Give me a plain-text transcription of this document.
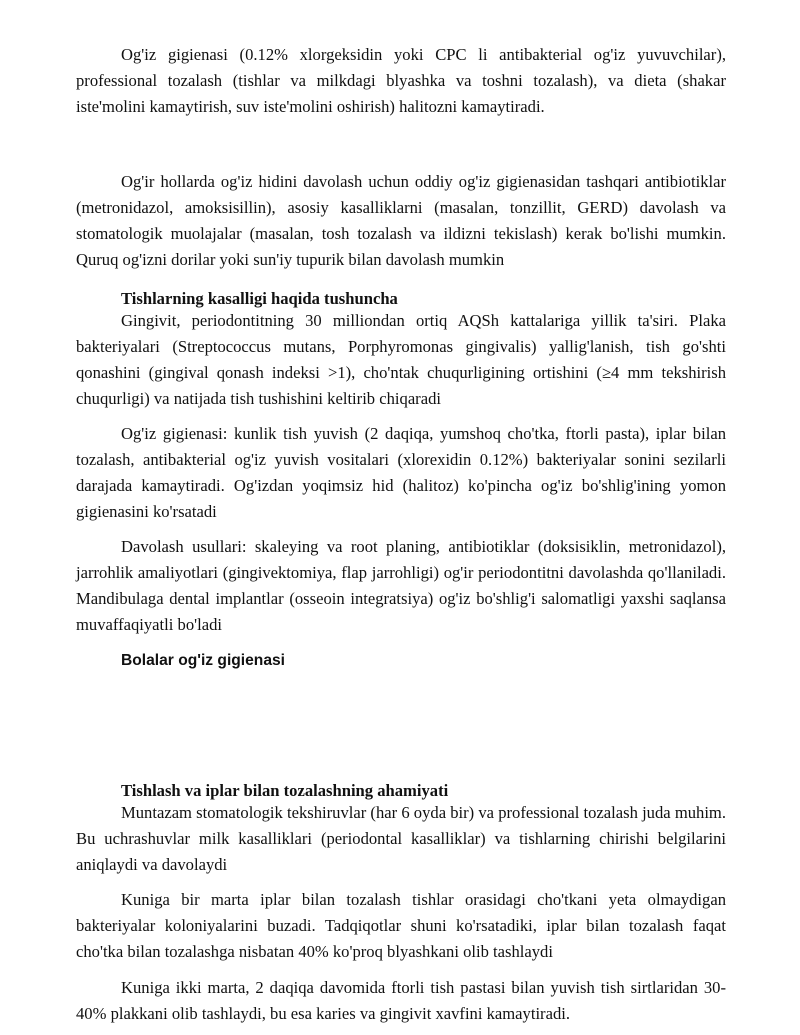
Og'iz gigienasi (0.12% xlorgeksidin yoki CPC li antibakterial og'iz yuvuvchilar), professional tozalash (tishlar va milkdagi blyashka va toshni tozalash), va dieta (shakar iste'molini kamaytirish, suv iste'molini oshirish) halitozni kamaytiradi.

Og'ir hollarda og'iz hidini davolash uchun oddiy og'iz gigienasidan tashqari antibiotiklar (metronidazol, amoksisillin), asosiy kasalliklarni (masalan, tonzillit, GERD) davolash va stomatologik muolajalar (masalan, tosh tozalash va ildizni tekislash) kerak bo'lishi mumkin. Quruq og'izni dorilar yoki sun'iy tupurik bilan davolash mumkin

Tishlarning kasalligi haqida tushuncha

Gingivit, periodontitning 30 milliondan ortiq AQSh kattalariga yillik ta'siri. Plaka bakteriyalari (Streptococcus mutans, Porphyromonas gingivalis) yallig'lanish, tish go'shti qonashini (gingival qonash indeksi >1), cho'ntak chuqurligining ortishini (≥4 mm tekshirish chuqurligi) va natijada tish tushishini keltirib chiqaradi

Og'iz gigienasi: kunlik tish yuvish (2 daqiqa, yumshoq cho'tka, ftorli pasta), iplar bilan tozalash, antibakterial og'iz yuvish vositalari (xlorexidin 0.12%) bakteriyalar sonini sezilarli darajada kamaytiradi. Og'izdan yoqimsiz hid (halitoz) ko'pincha og'iz bo'shlig'ining yomon gigienasini ko'rsatadi

Davolash usullari: skaleying va root planing, antibiotiklar (doksisiklin, metronidazol), jarrohlik amaliyotlari (gingivektomiya, flap jarrohligi) og'ir periodontitni davolashda qo'llaniladi. Mandibulaga dental implantlar (osseoin integratsiya) og'iz bo'shlig'i salomatligi yaxshi saqlansa muvaffaqiyatli bo'ladi

Bolalar og'iz gigienasi
Tishlash va iplar bilan tozalashning ahamiyati

Muntazam stomatologik tekshiruvlar (har 6 oyda bir) va professional tozalash juda muhim. Bu uchrashuvlar milk kasalliklari (periodontal kasalliklar) va tishlarning chirishi belgilarini aniqlaydi va davolaydi

Kuniga bir marta iplar bilan tozalash tishlar orasidagi cho'tkani yeta olmaydigan bakteriyalar koloniyalarini buzadi. Tadqiqotlar shuni ko'rsatadiki, iplar bilan tozalash faqat cho'tka bilan tozalashga nisbatan 40% ko'proq blyashkani olib tashlaydi

Kuniga ikki marta, 2 daqiqa davomida ftorli tish pastasi bilan yuvish tish sirtlaridan 30-40% plakkani olib tashlaydi, bu esa karies va gingivit xavfini kamaytiradi.
